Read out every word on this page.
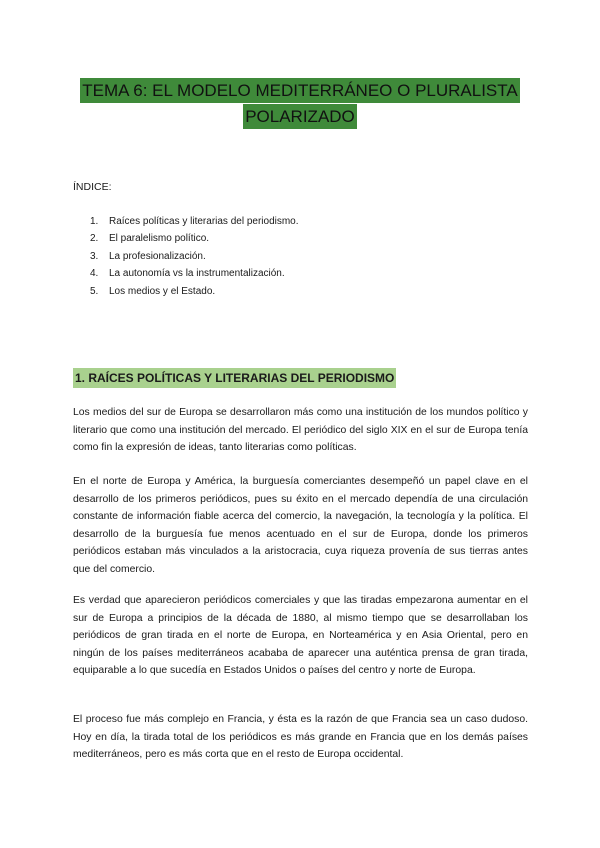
TEMA 6: EL MODELO MEDITERRÁNEO O PLURALISTA
POLARIZADO
ÍNDICE:
1.	Raíces políticas y literarias del periodismo.
2.	El paralelismo político.
3.	La profesionalización.
4.	La autonomía vs la instrumentalización.
5.	Los medios y el Estado.
1. RAÍCES POLÍTICAS Y LITERARIAS DEL PERIODISMO

Los medios del sur de Europa se desarrollaron más como una institución de los mundos político y literario que como una institución del mercado. El periódico del siglo XIX en el sur de Europa tenía como fin la expresión de ideas, tanto literarias como políticas.

En el norte de Europa y América, la burguesía comerciantes desempeñó un papel clave en el desarrollo de los primeros periódicos, pues su éxito en el mercado dependía de una circulación constante de información fiable acerca del comercio, la navegación, la tecnología y la política. El desarrollo de la burguesía fue menos acentuado en el sur de Europa, donde los primeros periódicos estaban más vinculados a la aristocracia, cuya riqueza provenía de sus tierras antes que del comercio.

Es verdad que aparecieron periódicos comerciales y que las tiradas empezarona aumentar en el sur de Europa a principios de la década de 1880, al mismo tiempo que se desarrollaban los periódicos de gran tirada en el norte de Europa, en Norteamérica y en Asia Oriental, pero en ningún de los países mediterráneos acababa de aparecer una auténtica prensa de gran tirada, equiparable a lo que sucedía en Estados Unidos o países del centro y norte de Europa.

El proceso fue más complejo en Francia, y ésta es la razón de que Francia sea un caso dudoso. Hoy en día, la tirada total de los periódicos es más grande en Francia que en los demás países mediterráneos, pero es más corta que en el resto de Europa occidental.
